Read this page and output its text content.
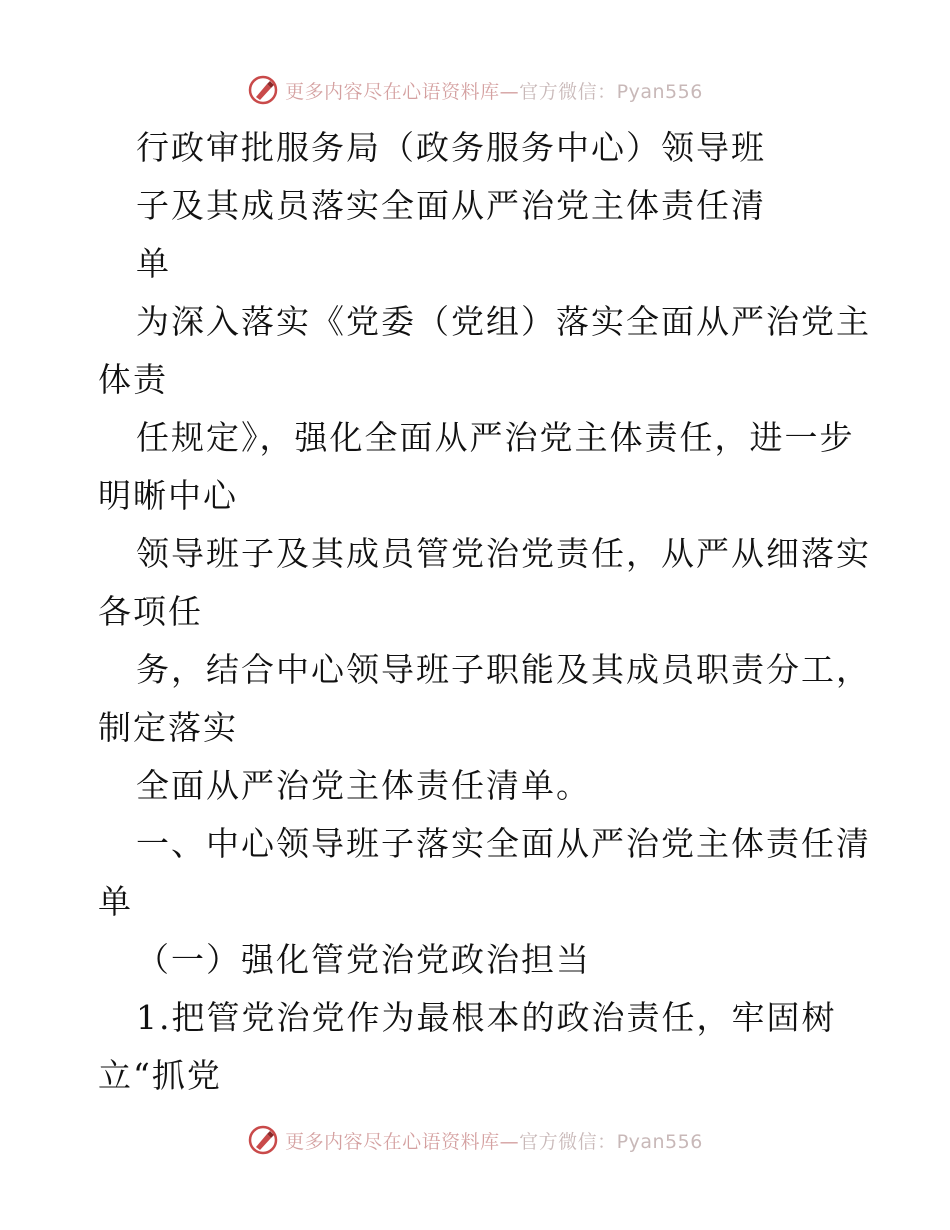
更多内容尽在心语资料库—官方微信：Pyan556
行政审批服务局（政务服务中心）领导班
子及其成员落实全面从严治党主体责任清
单
为深入落实《党委（党组）落实全面从严治党主
体责
任规定》，强化全面从严治党主体责任，进一步
明晰中心
领导班子及其成员管党治党责任，从严从细落实
各项任
务，结合中心领导班子职能及其成员职责分工，
制定落实
全面从严治党主体责任清单。
一、中心领导班子落实全面从严治党主体责任清
单
（一）强化管党治党政治担当
1.把管党治党作为最根本的政治责任，牢固树
立“抓党
更多内容尽在心语资料库—官方微信：Pyan556
